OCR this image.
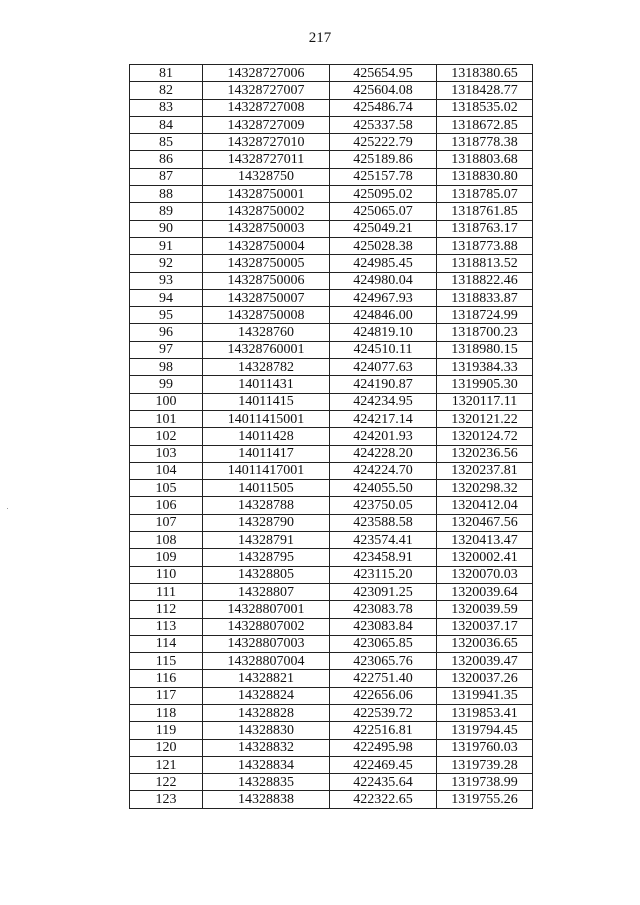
217
81	14328727006	425654.95	1318380.65
82	14328727007	425604.08	1318428.77
83	14328727008	425486.74	1318535.02
84	14328727009	425337.58	1318672.85
85	14328727010	425222.79	1318778.38
86	14328727011	425189.86	1318803.68
87	14328750	425157.78	1318830.80
88	14328750001	425095.02	1318785.07
89	14328750002	425065.07	1318761.85
90	14328750003	425049.21	1318763.17
91	14328750004	425028.38	1318773.88
92	14328750005	424985.45	1318813.52
93	14328750006	424980.04	1318822.46
94	14328750007	424967.93	1318833.87
95	14328750008	424846.00	1318724.99
96	14328760	424819.10	1318700.23
97	14328760001	424510.11	1318980.15
98	14328782	424077.63	1319384.33
99	14011431	424190.87	1319905.30
100	14011415	424234.95	1320117.11
101	14011415001	424217.14	1320121.22
102	14011428	424201.93	1320124.72
103	14011417	424228.20	1320236.56
104	14011417001	424224.70	1320237.81
105	14011505	424055.50	1320298.32
106	14328788	423750.05	1320412.04
107	14328790	423588.58	1320467.56
108	14328791	423574.41	1320413.47
109	14328795	423458.91	1320002.41
110	14328805	423115.20	1320070.03
111	14328807	423091.25	1320039.64
112	14328807001	423083.78	1320039.59
113	14328807002	423083.84	1320037.17
114	14328807003	423065.85	1320036.65
115	14328807004	423065.76	1320039.47
116	14328821	422751.40	1320037.26
117	14328824	422656.06	1319941.35
118	14328828	422539.72	1319853.41
119	14328830	422516.81	1319794.45
120	14328832	422495.98	1319760.03
121	14328834	422469.45	1319739.28
122	14328835	422435.64	1319738.99
123	14328838	422322.65	1319755.26
